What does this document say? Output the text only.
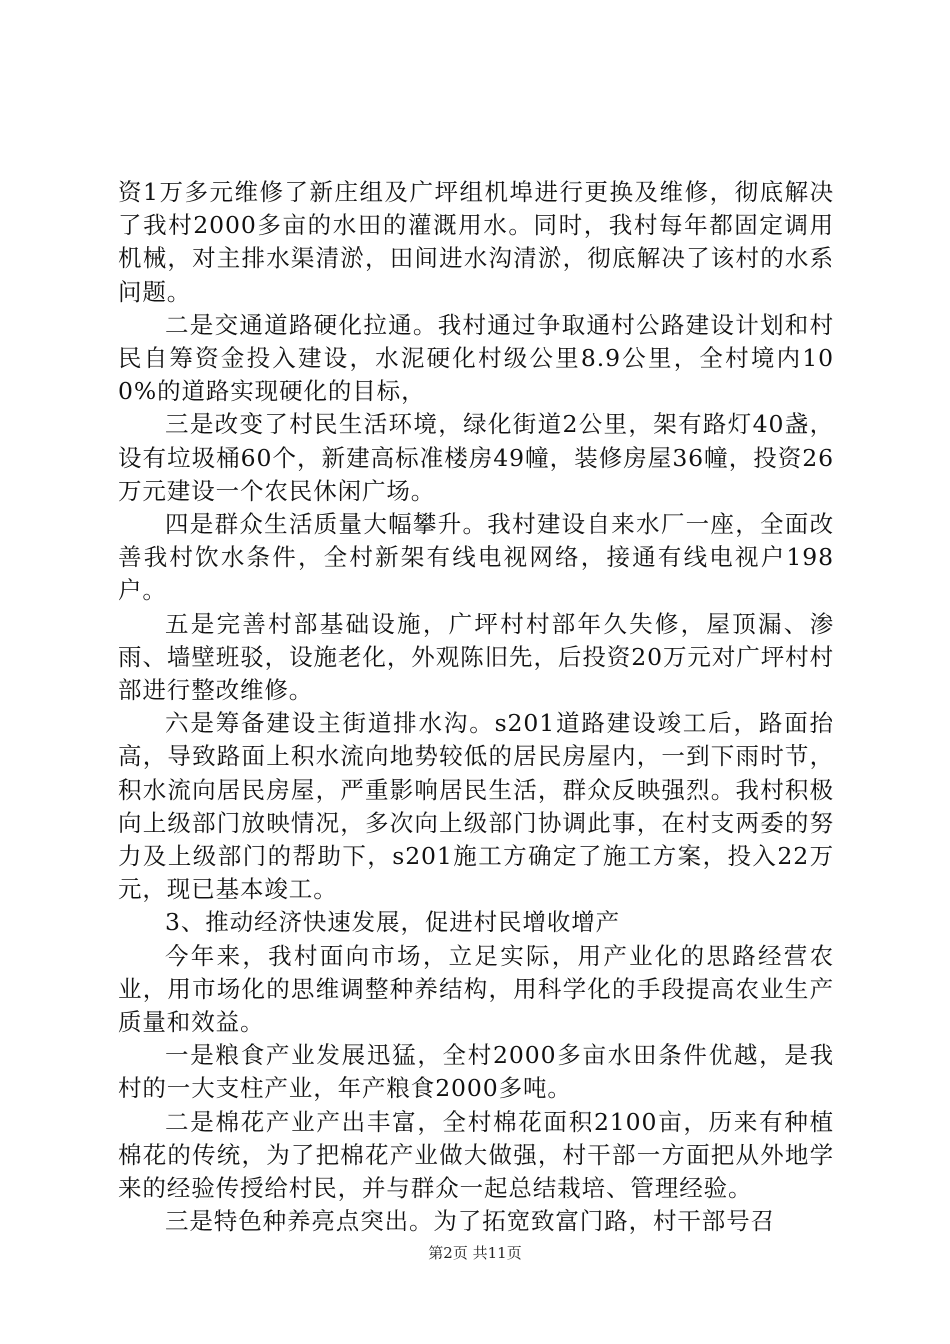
资1万多元维修了新庄组及广坪组机埠进行更换及维修，彻底解决了我村2000多亩的水田的灌溉用水。同时，我村每年都固定调用机械，对主排水渠清淤，田间进水沟清淤，彻底解决了该村的水系问题。

二是交通道路硬化拉通。我村通过争取通村公路建设计划和村民自筹资金投入建设，水泥硬化村级公里8.9公里，全村境内100%的道路实现硬化的目标，

三是改变了村民生活环境，绿化街道2公里，架有路灯40盏，设有垃圾桶60个，新建高标准楼房49幢，装修房屋36幢，投资26万元建设一个农民休闲广场。

四是群众生活质量大幅攀升。我村建设自来水厂一座，全面改善我村饮水条件，全村新架有线电视网络，接通有线电视户198户。

五是完善村部基础设施，广坪村村部年久失修，屋顶漏、渗雨、墙壁班驳，设施老化，外观陈旧先，后投资20万元对广坪村村部进行整改维修。

六是筹备建设主街道排水沟。s201道路建设竣工后，路面抬高，导致路面上积水流向地势较低的居民房屋内，一到下雨时节，积水流向居民房屋，严重影响居民生活，群众反映强烈。我村积极向上级部门放映情况，多次向上级部门协调此事，在村支两委的努力及上级部门的帮助下，s201施工方确定了施工方案，投入22万元，现已基本竣工。

3、推动经济快速发展，促进村民增收增产

今年来，我村面向市场，立足实际，用产业化的思路经营农业，用市场化的思维调整种养结构，用科学化的手段提高农业生产质量和效益。

一是粮食产业发展迅猛，全村2000多亩水田条件优越，是我村的一大支柱产业，年产粮食2000多吨。

二是棉花产业产出丰富，全村棉花面积2100亩，历来有种植棉花的传统，为了把棉花产业做大做强，村干部一方面把从外地学来的经验传授给村民，并与群众一起总结栽培、管理经验。

三是特色种养亮点突出。为了拓宽致富门路，村干部号召

第2页 共11页
